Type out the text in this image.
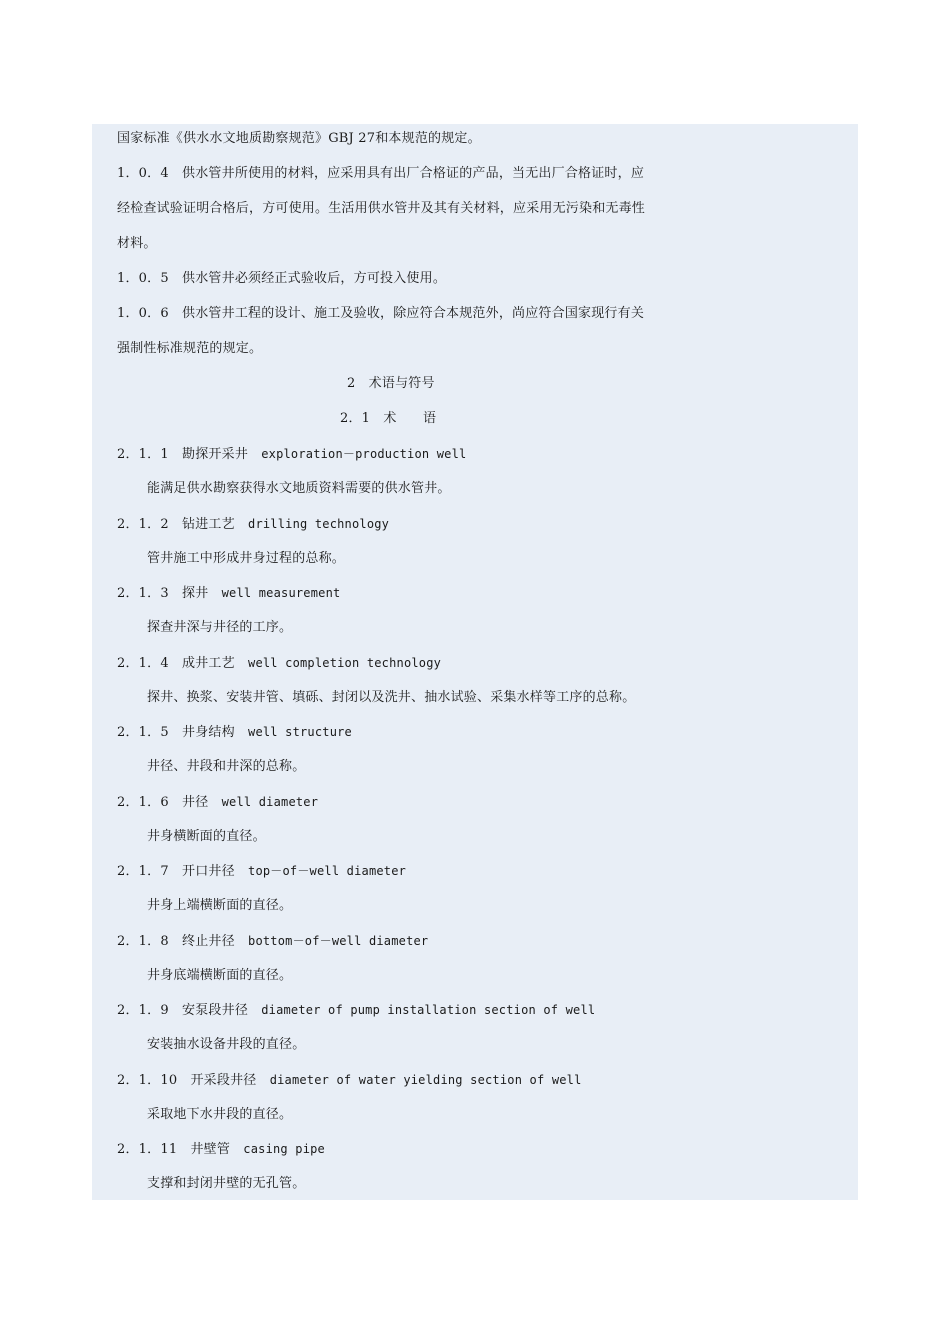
国家标准《供水水文地质勘察规范》GBJ 27和本规范的规定。
1．0．4　供水管井所使用的材料，应采用具有出厂合格证的产品，当无出厂合格证时，应
经检查试验证明合格后，方可使用。生活用供水管井及其有关材料，应采用无污染和无毒性
材料。
1．0．5　供水管井必须经正式验收后，方可投入使用。
1．0．6　供水管井工程的设计、施工及验收，除应符合本规范外，尚应符合国家现行有关
强制性标准规范的规定。
2　术语与符号
2．1　术　　语
2．1．1　勘探开采井　exploration－production well
能满足供水勘察获得水文地质资料需要的供水管井。
2．1．2　钻进工艺　drilling technology
管井施工中形成井身过程的总称。
2．1．3　探井　well measurement
探查井深与井径的工序。
2．1．4　成井工艺　well completion technology
探井、换浆、安装井管、填砾、封闭以及洗井、抽水试验、采集水样等工序的总称。
2．1．5　井身结构　well structure
井径、井段和井深的总称。
2．1．6　井径　well diameter
井身横断面的直径。
2．1．7　开口井径　top－of－well diameter
井身上端横断面的直径。
2．1．8　终止井径　bottom－of－well diameter
井身底端横断面的直径。
2．1．9　安泵段井径　diameter of pump installation section of well
安装抽水设备井段的直径。
2．1．10　开采段井径　diameter of water yielding section of well
采取地下水井段的直径。
2．1．11　井壁管　casing pipe
支撑和封闭井壁的无孔管。
